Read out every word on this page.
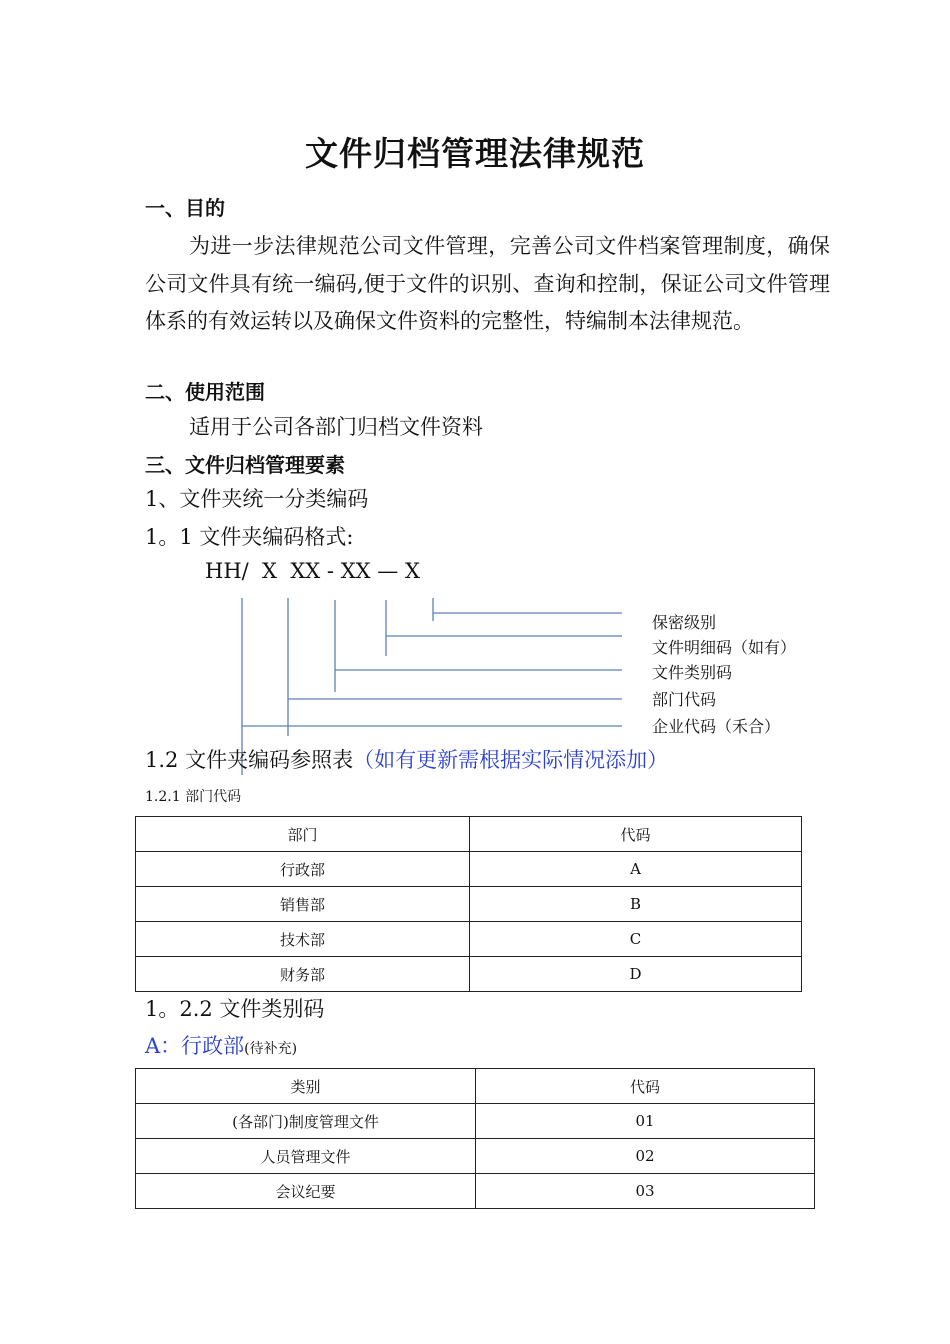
文件归档管理法律规范
一、目的
为进一步法律规范公司文件管理，完善公司文件档案管理制度，确保公司文件具有统一编码,便于文件的识别、查询和控制，保证公司文件管理体系的有效运转以及确保文件资料的完整性，特编制本法律规范。
二、使用范围
适用于公司各部门归档文件资料
三、文件归档管理要素
1、文件夹统一分类编码
1。1 文件夹编码格式:
HH/  X  XX - XX — X
保密级别
文件明细码（如有）
文件类别码
部门代码
企业代码（禾合）
1.2 文件夹编码参照表（如有更新需根据实际情况添加）
1.2.1 部门代码
部门	代码
行政部	A
销售部	B
技术部	C
财务部	D
1。2.2 文件类别码
A：行政部(待补充)
类别	代码
(各部门)制度管理文件	01
人员管理文件	02
会议纪要	03
